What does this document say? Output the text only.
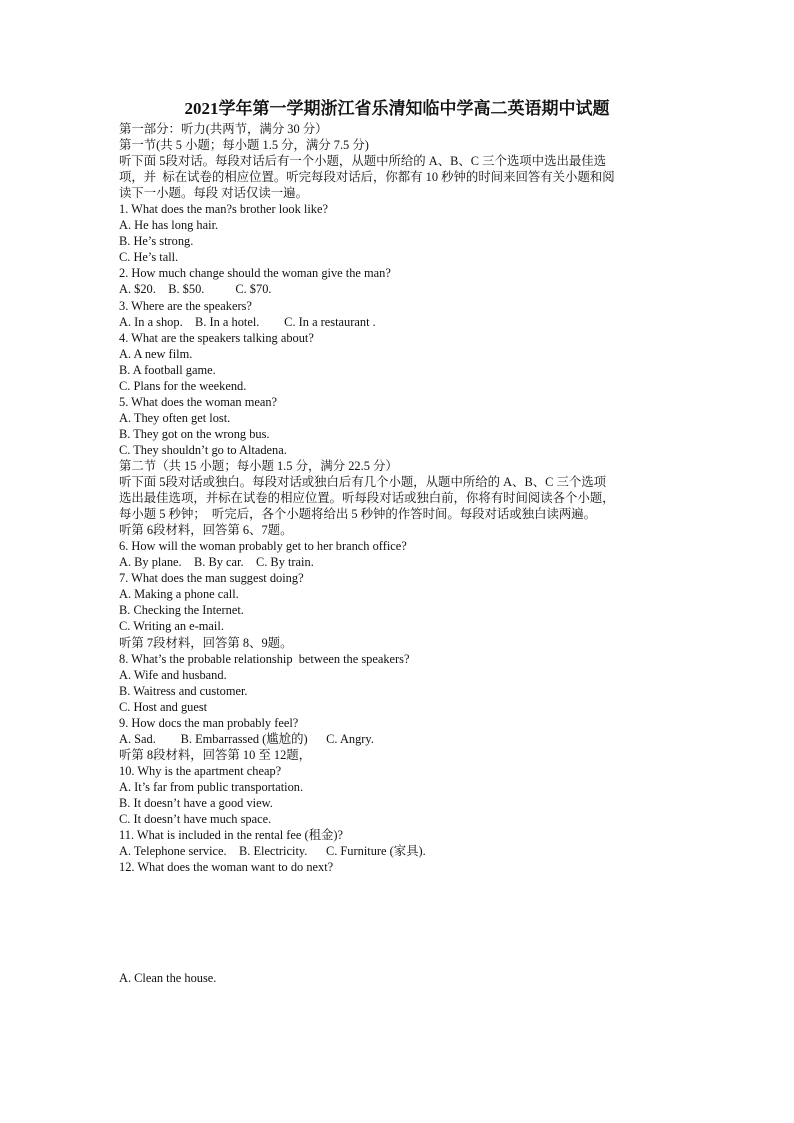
2021学年第一学期浙江省乐清知临中学高二英语期中试题

第一部分：听力(共两节，满分 30 分）

第一节(共 5 小题；每小题 1.5 分，满分 7.5 分)

听下面 5段对话。每段对话后有一个小题，从题中所给的 A、B、C 三个选项中选出最佳选

项，并  标在试卷的相应位置。听完每段对话后，你都有 10 秒钟的时间来回答有关小题和阅

读下一小题。每段 对话仅读一遍。

1. What does the man?s brother look like?

A. He has long hair.

B. He’s strong.

C. He’s tall.

2. How much change should the woman give the man?

A. $20.    B. $50.          C. $70.

3. Where are the speakers?

A. In a shop.    B. In a hotel.        C. In a restaurant .

4. What are the speakers talking about?

A. A new film.

B. A football game.

C. Plans for the weekend.

5. What does the woman mean?

A. They often get lost.

B. They got on the wrong bus.

C. They shouldn’t go to Altadena.

第二节（共 15 小题；每小题 1.5 分，满分 22.5 分）

听下面 5段对话或独白。每段对话或独白后有几个小题，从题中所给的 A、B、C 三个选项

选出最佳选项，并标在试卷的相应位置。听每段对话或独白前，你将有时间阅读各个小题，

每小题 5 秒钟；  听完后，各个小题将给出 5 秒钟的作答时间。每段对话或独白读两遍。

听第 6段材料，回答第 6、7题。

6. How will the woman probably get to her branch office?

A. By plane.    B. By car.    C. By train.

7. What does the man suggest doing?

A. Making a phone call.

B. Checking the Internet.

C. Writing an e-mail.

听第 7段材料，回答第 8、9题。

8. What’s the probable relationship  between the speakers?

A. Wife and husband.

B. Waitress and customer.

C. Host and guest

9. How docs the man probably feel?

A. Sad.        B. Embarrassed (尴尬的)      C. Angry.

听第 8段材料，回答第 10 至 12题，

10. Why is the apartment cheap?

A. It’s far from public transportation.

B. It doesn’t have a good view.

C. It doesn’t have much space.

11. What is included in the rental fee (租金)?

A. Telephone service.    B. Electricity.      C. Furniture (家具).

12. What does the woman want to do next?

A. Clean the house.
